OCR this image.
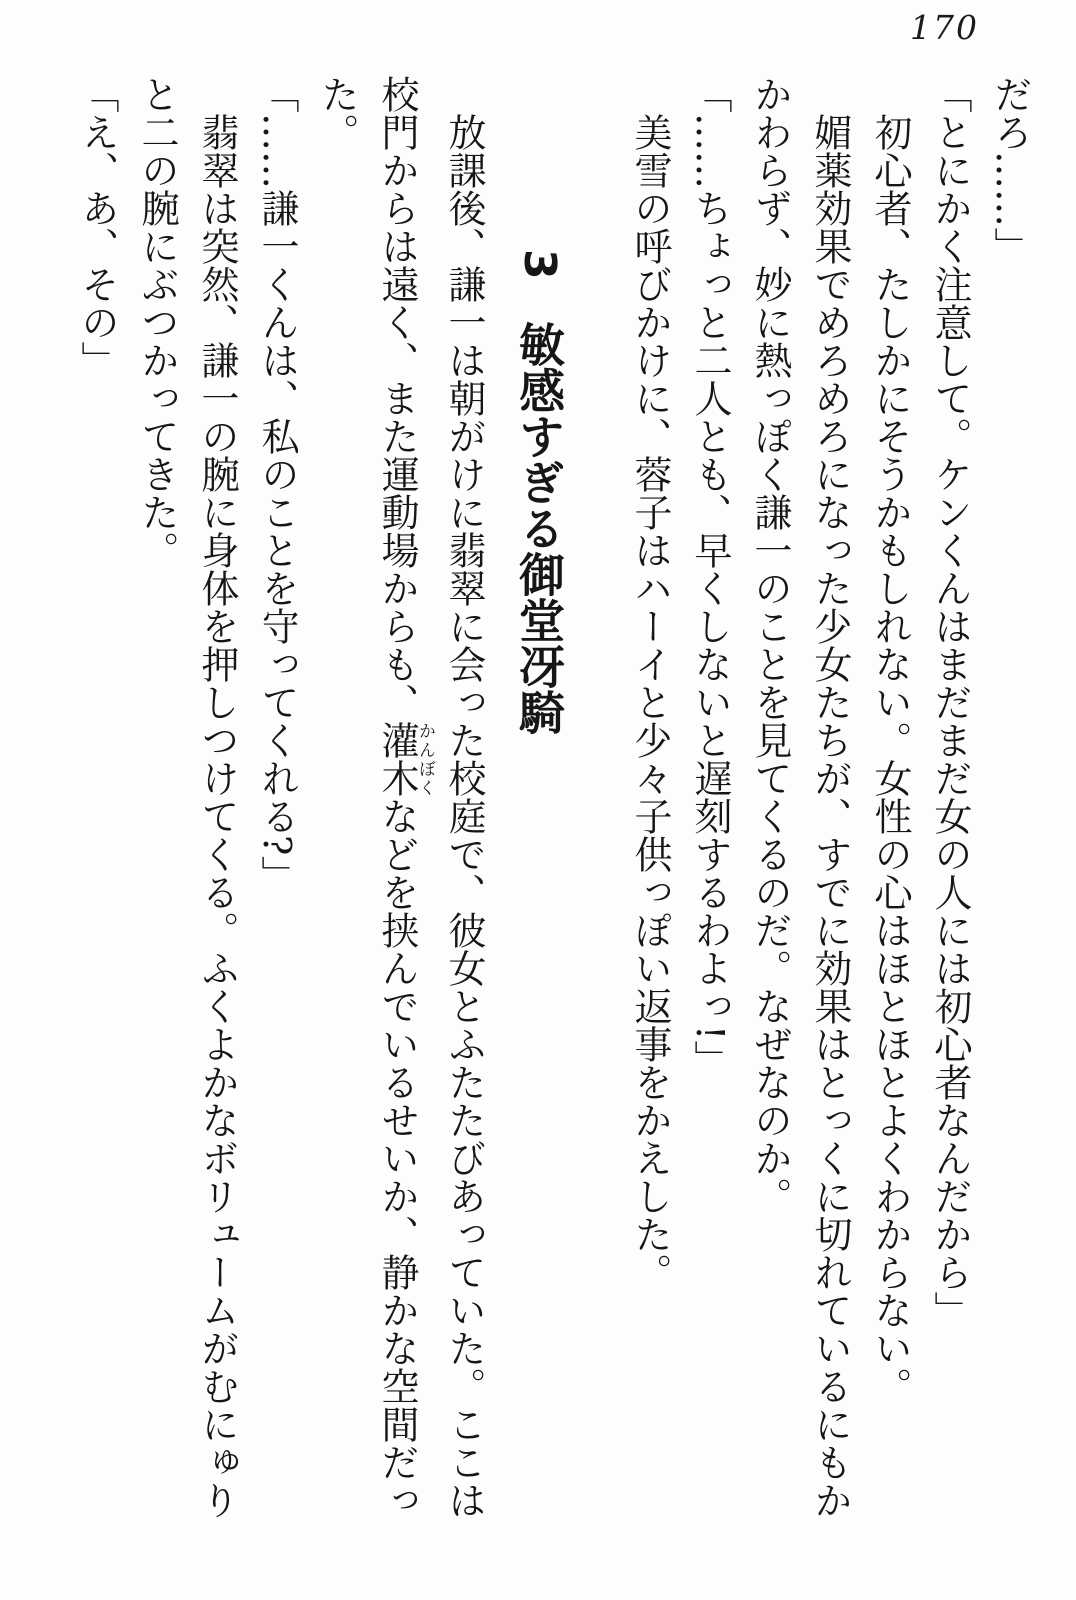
170

だろ……」

「とにかく注意して。ケンくんはまだまだ女の人には初心者なんだから」

初心者、たしかにそうかもしれない。女性の心はほとほとよくわからない。

媚薬効果でめろめろになった少女たちが、すでに効果はとっくに切れているにもか
かわらず、妙に熱っぽく謙一のことを見てくるのだ。なぜなのか。

「……ちょっと二人とも、早くしないと遅刻するわよっ!」

美雪の呼びかけに、蓉子はハーイと少々子供っぽい返事をかえした。

3 敏感すぎる御堂冴騎

放課後、謙一は朝がけに翡翠に会った校庭で、彼女とふたたびあっていた。ここは
校門からは遠く、また運動場からも、灌木かんぼくなどを挟んでいるせいか、静かな空間だっ
た。

「……謙一くんは、私のことを守ってくれる?」

翡翠は突然、謙一の腕に身体を押しつけてくる。ふくよかなボリュームがむにゅり
と二の腕にぶつかってきた。

「え、あ、その」
